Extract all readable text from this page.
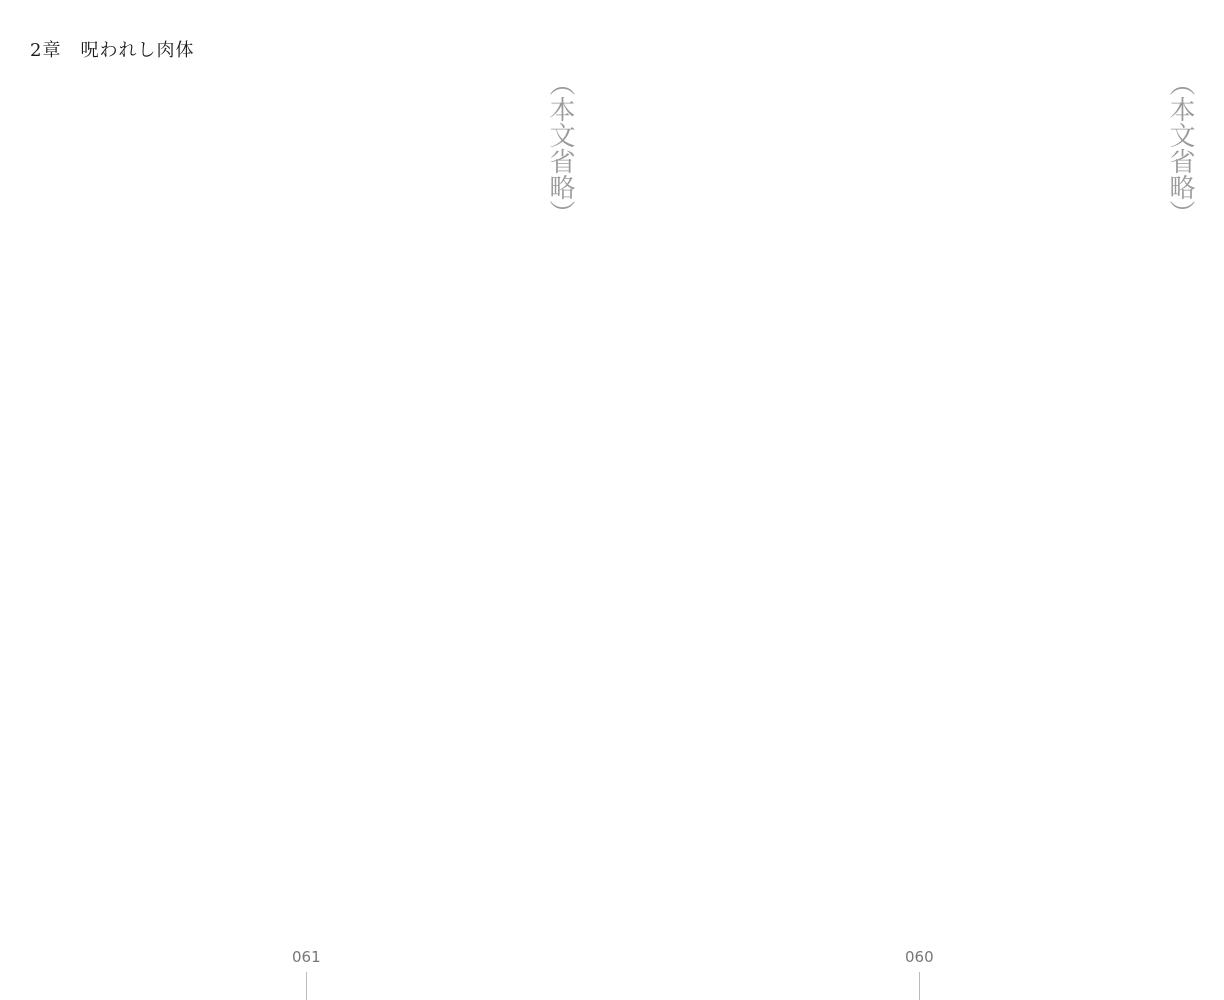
2章　呪われし肉体
（本文省略）
（本文省略）
061	060
